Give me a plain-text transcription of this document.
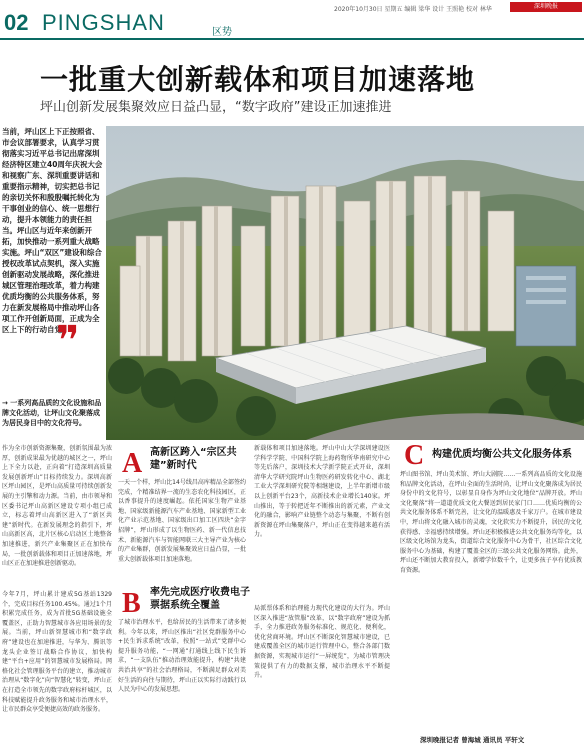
02 PINGSHAN	区势
2020年10月30日 星期五 编辑 梁华 设计 王照艳 校对 林华	深圳晚报
一批重大创新载体和项目加速落地
坪山创新发展集聚效应日益凸显，“数字政府”建设正加速推进
当前，坪山区上下正按照省、市会议部署要求，认真学习贯彻落实习近平总书记出席深圳经济特区建立40周年庆祝大会和视察广东、深圳重要讲话和重要指示精神，切实把总书记的亲切关怀和殷殷嘱托转化为干事创业的信心、统一思想行动，提升本领能力的责任担当。坪山区与近年来创新开拓，加快推动一系列重大战略实施。坪山“双区”建设和综合授权改革试点契机，深入实施创新驱动发展战略，深化推进城区管理治理改革，着力构建优质均衡的公共服务体系，努力在新发展格局中推动坪山各项工作开创新局面，正成为全区上下的行动自觉。
❞
→ 一系列高品质的文化设施和品牌文化活动，让坪山文化聚落成为居民身目中的文化符号。
作为全市创新资源集聚，创新氛围最为浓厚，创新成果最为优越的城区之一，坪山上下全力以赴，正向着“打造深圳高质量发展创新坪山”目标持续发力。深圳高新区坪山园区，是坪山高质量可持续创新发展的主引擎和动力源。当前，由市领导和区委书记坪山高新区建设专项小组已成立，标志着坪山高新区进入了“新区共建”新时代。在新发展理念的指引下，坪山高新区高，北片区核心启动区土地整备加速推进，新兴产业集聚区正在加快布局，一批创新载体和项目正加速落地，坪山区正在加速推进创新驱动。
今年7月，坪山累计建成5G基站1329个，完成目标任务100.45%。通过1个月积累完成任务，成为首批5G基础设施全覆盖区，正助力智慧城市各应用场景的发展。当前，坪山新智慧城市和“数字政府”建设也在加速推进，与华为、腾讯等龙头企业签订战略合作协议，加快构建“平台+应用”的智慧城市发展格局。网格化社会管理服务平台的建立，推动城市治理从“数字化”向“智慧化”转变，坪山正在打造全市领先的数字政府标杆城区，以科技赋能提升政务服务和城市治理水平，让市民群众享受便捷高效的政务服务。
A 高新区跨入“宗区共建”新时代
一天一个样，坪山比14号线昌高库精品全部签约完成，个精准结界一流的生态农化科技园区，正以香事提升的速度崛起。依托国家生物产业基地、国家级新能源汽车产业基地、国家新型工业化产业示范基地、国家级出口加工区四块“金字招牌”，坪山形成了以生物医药、新一代信息技术、新能源汽车与智能网联三大主导产业为核心的产业集群，创新发展集聚效应日益凸显，一批重大创新载体项目加速落地。
B 率先完成医疗收费电子票据系统全覆盖
了城市治理水平，也给居民的生活带来了诸多便利。今年以来，坪山区推出“社区党群服务中心+民生诉求系统”改革，按照“一站式”党群中心提升服务功能，“一网通”打通线上线下民生诉求，“一支队伍”推动治理效能提升，构建“共建共治共享”的社会治理格局，不断满足群众对美好生活的向往与期待，坪山正以实际行动践行以人民为中心的发展思想。
新载体和项目加速落地。坪山中山大学深圳建设医学科学学院、中国科学院上海药物所华南研究中心等先后落户，深圳技术大学新学院正式开业，深圳清华大学研究院坪山生物医药研发转化中心、湖北工业大学深圳研究院等相继建设，上半年新增市级以上创新平台23个，高新技术企业增长140家。坪山推出，等于转把近年不断推出的新元素，产业文化的融合，影响产业链整个动态与集聚，不断有创新资源在坪山集聚落户，坪山正在变得越来越有活力。
局派票体系和治理能力现代化建设的大行为。坪山区深入推进“放管服”改革，以“数字政府”建设为抓手，全力推进政务服务标准化、规范化、便利化，优化营商环境。坪山区不断深化智慧城市建设，已建成覆盖全区的城市运行管理中心，整合各部门数据资源，实现城市运行“一屏统览”，为城市管理决策提供了有力的数据支撑，城市治理水平不断提升。
C 构建优质均衡公共文化服务体系
坪山图书馆、坪山美术馆、坪山大剧院……一系列高品质的文化设施和品牌文化活动，在坪山全面的生活时尚，让坪山文化聚落成为居民身份中的文化符号，以彰显自身作为坪山文化地位“品牌开放。坪山文化聚落”将一道道优质文化大餐送到居民家门口……优质均衡的公共文化服务体系不断完善，让文化的温暖惠及千家万户。在城市建设中，坪山将文化融入城市的灵魂，文化软实力不断提升，居民的文化获得感、幸福感持续增强。坪山还积极推进公共文化服务均等化，以区级文化场馆为龙头，街道综合文化服务中心为骨干，社区综合文化服务中心为基础，构建了覆盖全区的三级公共文化服务网络。此外，坪山还不断加大教育投入，新增学位数千个，让更多孩子享有优质教育资源。
深圳晚报记者 曾海城 通讯员 平轩文
